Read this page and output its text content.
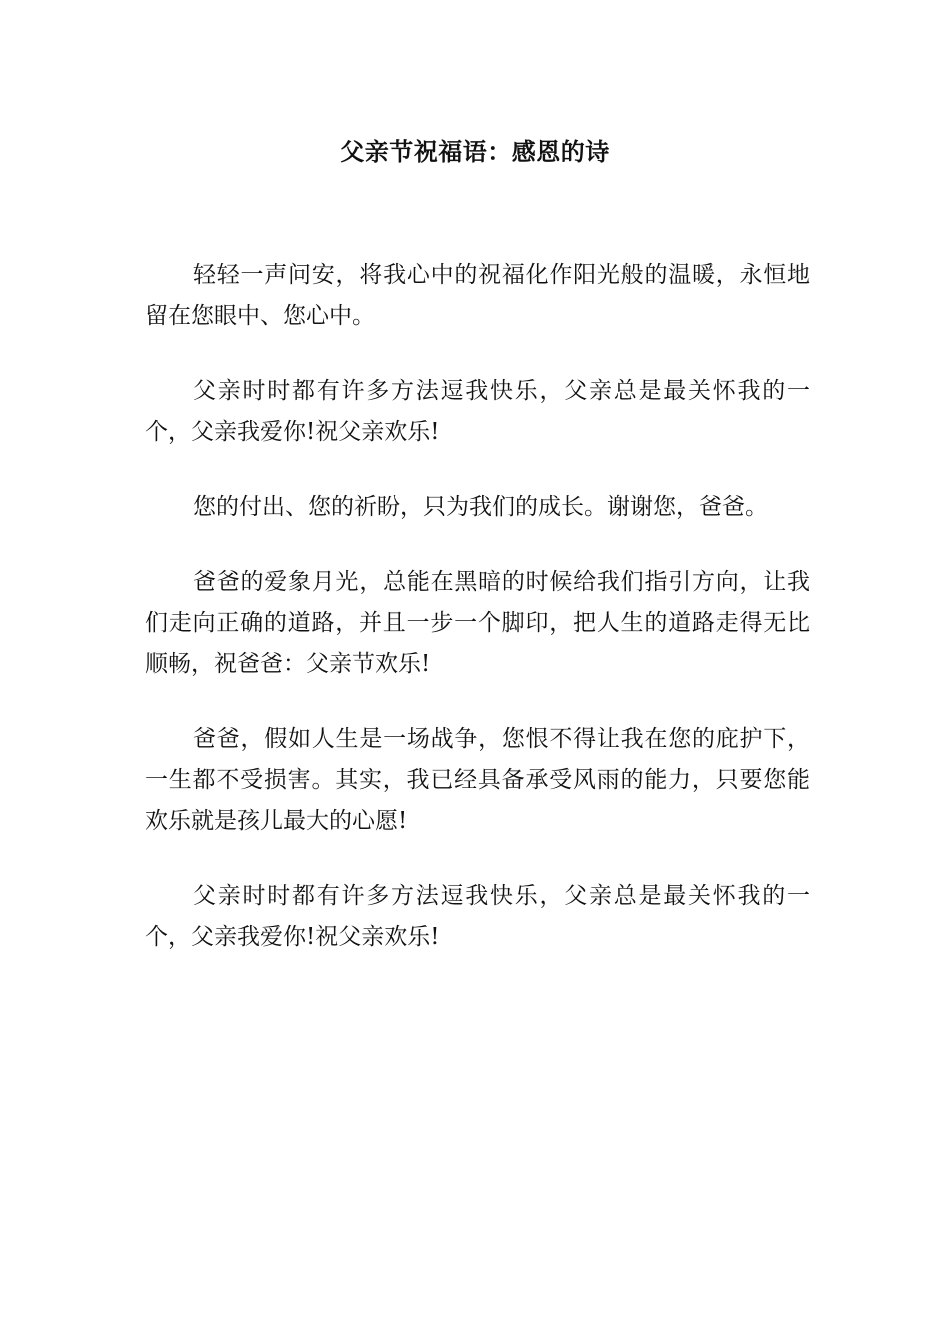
父亲节祝福语：感恩的诗

轻轻一声问安，将我心中的祝福化作阳光般的温暖，永恒地留在您眼中、您心中。

父亲时时都有许多方法逗我快乐，父亲总是最关怀我的一个，父亲我爱你!祝父亲欢乐!

您的付出、您的祈盼，只为我们的成长。谢谢您，爸爸。

爸爸的爱象月光，总能在黑暗的时候给我们指引方向，让我们走向正确的道路，并且一步一个脚印，把人生的道路走得无比顺畅，祝爸爸：父亲节欢乐!

爸爸，假如人生是一场战争，您恨不得让我在您的庇护下，一生都不受损害。其实，我已经具备承受风雨的能力，只要您能欢乐就是孩儿最大的心愿!

父亲时时都有许多方法逗我快乐，父亲总是最关怀我的一个，父亲我爱你!祝父亲欢乐!
